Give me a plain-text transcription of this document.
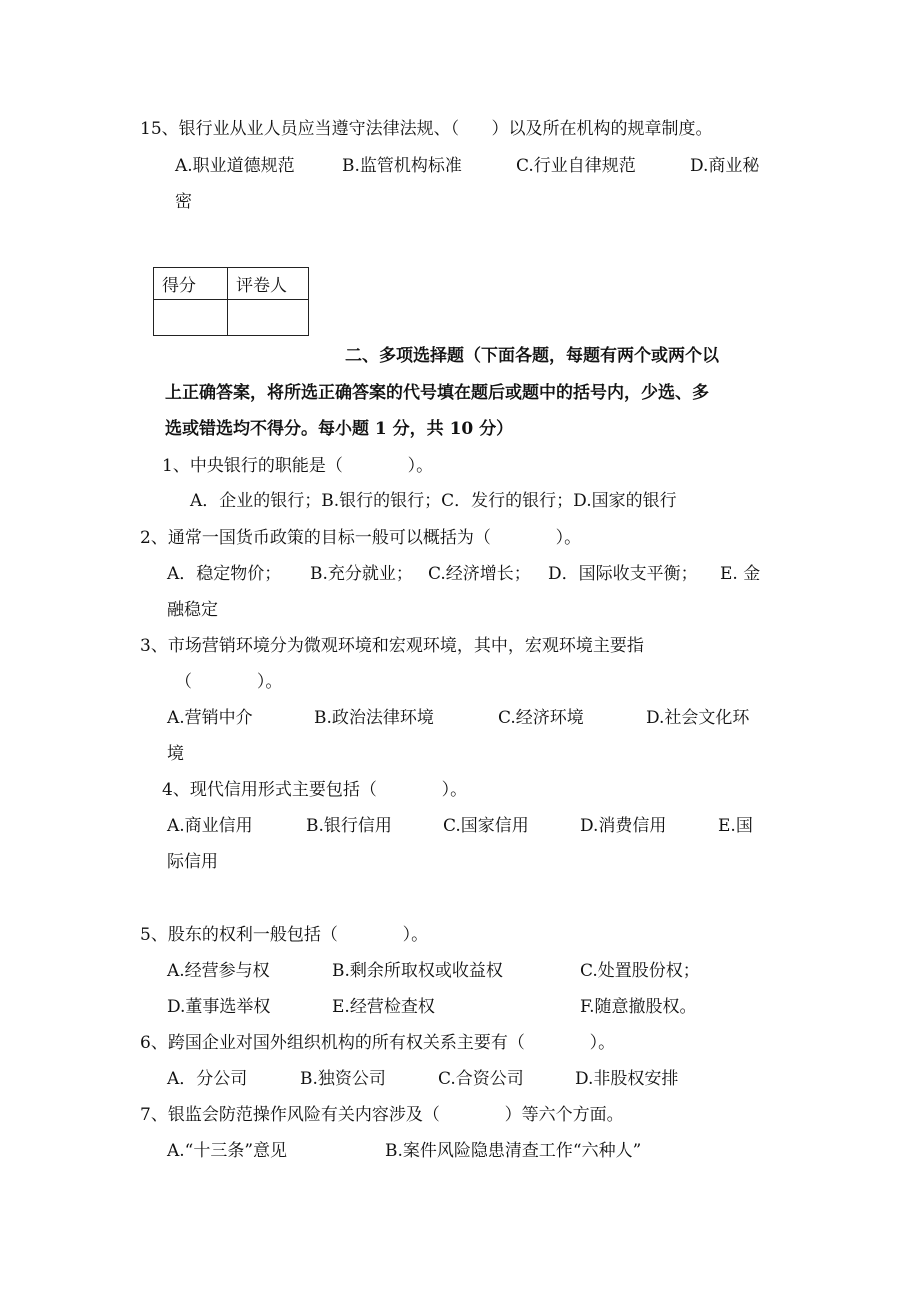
15、银行业从业人员应当遵守法律法规、（      ）以及所在机构的规章制度。
A.职业道德规范	B.监管机构标准	C.行业自律规范	D.商业秘
密
得分	评卷人

二、多项选择题（下面各题，每题有两个或两个以
上正确答案，将所选正确答案的代号填在题后或题中的括号内，少选、多
选或错选均不得分。每小题 1 分，共 10 分）
1、中央银行的职能是（            ）。
A．企业的银行；B.银行的银行；C．发行的银行；D.国家的银行
2、通常一国货币政策的目标一般可以概括为（            ）。
A．稳定物价； B.充分就业； C.经济增长； D．国际收支平衡； E. 金
融稳定
3、市场营销环境分为微观环境和宏观环境，其中，宏观环境主要指
（            ）。
A.营销中介	B.政治法律环境	C.经济环境	D.社会文化环
境
4、现代信用形式主要包括（            ）。
A.商业信用	B.银行信用	C.国家信用	D.消费信用	E.国
际信用
5、股东的权利一般包括（            ）。
A.经营参与权	B.剩余所取权或收益权	C.处置股份权；
D.董事选举权	E.经营检查权	F.随意撤股权。
6、跨国企业对国外组织机构的所有权关系主要有（            ）。
A．分公司	B.独资公司	C.合资公司	D.非股权安排
7、银监会防范操作风险有关内容涉及（            ）等六个方面。
A.“十三条”意见	B.案件风险隐患清查工作“六种人”
